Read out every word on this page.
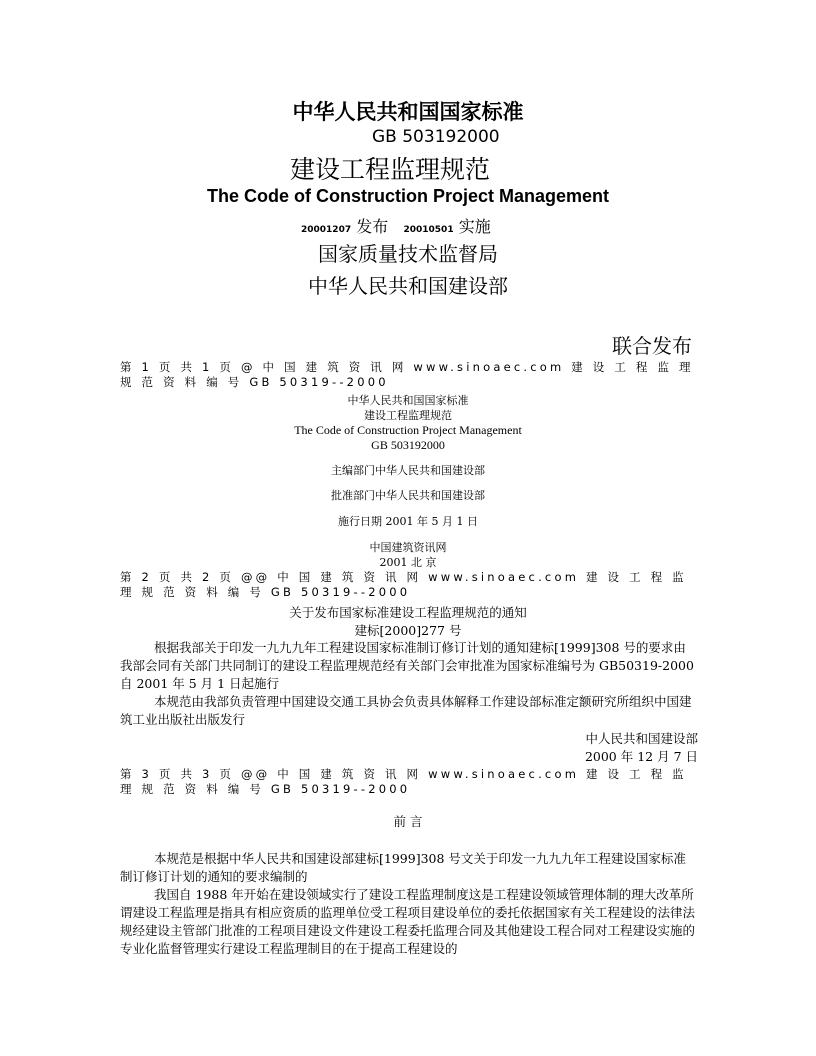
中华人民共和国国家标准
GB 503192000
建设工程监理规范
The Code of Construction Project Management
20001207 发布 20010501 实施
国家质量技术监督局
中华人民共和国建设部
联合发布
第 1 页 共 1 页 @ 中 国 建 筑 资 讯 网 www.sinoaec.com 建 设 工 程 监 理 规 范 资 料 编 号 GB 50319--2000
中华人民共和国国家标准
建设工程监理规范
The Code of Construction Project Management
GB 503192000
主编部门中华人民共和国建设部
批准部门中华人民共和国建设部
施行日期 2001 年 5 月 1 日
中国建筑资讯网
2001 北 京
第 2 页 共 2 页 @@ 中 国 建 筑 资 讯 网 www.sinoaec.com 建 设 工 程 监 理 规 范 资 料 编 号 GB 50319--2000
关于发布国家标准建设工程监理规范的通知
建标[2000]277 号

根据我部关于印发一九九九年工程建设国家标准制订修订计划的通知建标[1999]308 号的要求由我部会同有关部门共同制订的建设工程监理规范经有关部门会审批准为国家标准编号为 GB50319-2000 自 2001 年 5 月 1 日起施行

本规范由我部负责管理中国建设交通工具协会负责具体解释工作建设部标准定额研究所组织中国建筑工业出版社出版发行

中人民共和国建设部
2000 年 12 月 7 日
第 3 页 共 3 页 @@ 中 国 建 筑 资 讯 网 www.sinoaec.com 建 设 工 程 监 理 规 范 资 料 编 号 GB 50319--2000
前 言

本规范是根据中华人民共和国建设部建标[1999]308 号文关于印发一九九九年工程建设国家标准制订修订计划的通知的要求编制的

我国自 1988 年开始在建设领域实行了建设工程监理制度这是工程建设领域管理体制的理大改革所谓建设工程监理是指具有相应资质的监理单位受工程项目建设单位的委托依据国家有关工程建设的法律法规经建设主管部门批准的工程项目建设文件建设工程委托监理合同及其他建设工程合同对工程建设实施的专业化监督管理实行建设工程监理制目的在于提高工程建设的
